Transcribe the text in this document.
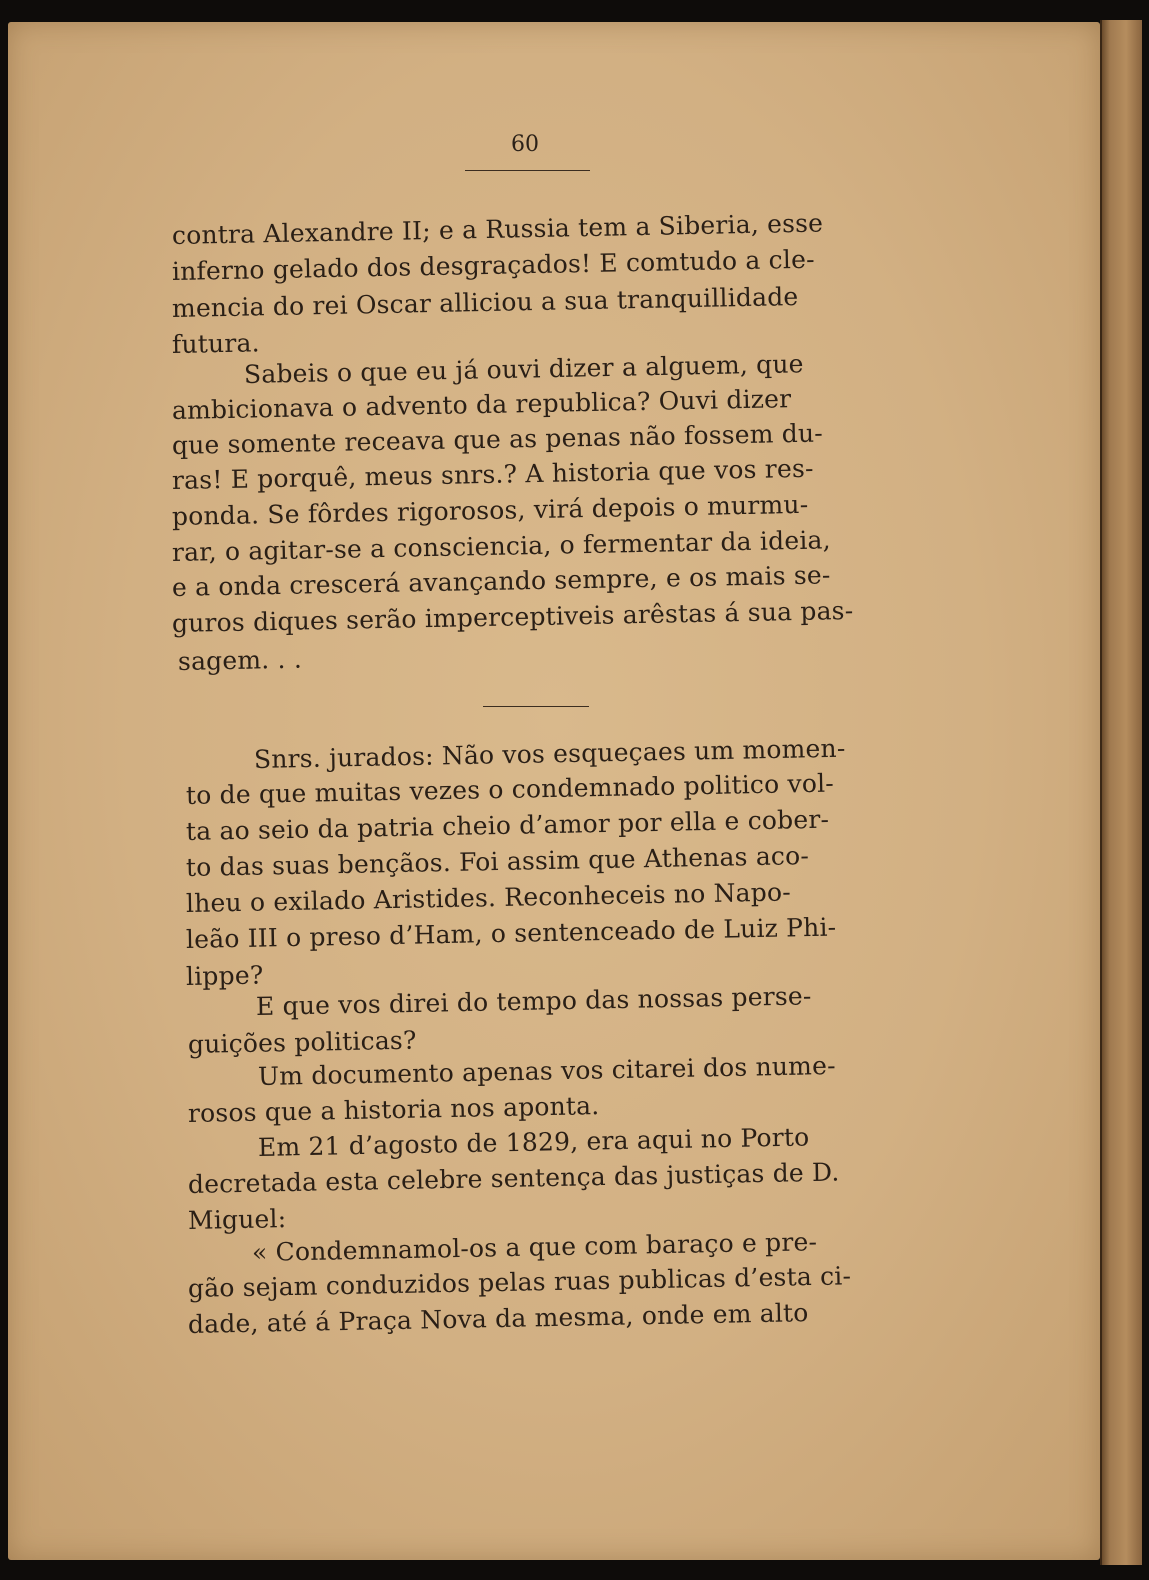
60
contra Alexandre II; e a Russia tem a Siberia, esse
inferno gelado dos desgraçados! E comtudo a cle-
mencia do rei Oscar alliciou a sua tranquillidade
futura.
Sabeis o que eu já ouvi dizer a alguem, que
ambicionava o advento da republica? Ouvi dizer
que somente receava que as penas não fossem du-
ras! E porquê, meus snrs.? A historia que vos res-
ponda. Se fôrdes rigorosos, virá depois o murmu-
rar, o agitar-se a consciencia, o fermentar da ideia,
e a onda crescerá avançando sempre, e os mais se-
guros diques serão imperceptiveis arêstas á sua pas-
sagem. . .
Snrs. jurados: Não vos esqueçaes um momen-
to de que muitas vezes o condemnado politico vol-
ta ao seio da patria cheio d’amor por ella e cober-
to das suas bençãos. Foi assim que Athenas aco-
lheu o exilado Aristides. Reconheceis no Napo-
leão III o preso d’Ham, o sentenceado de Luiz Phi-
lippe?
E que vos direi do tempo das nossas perse-
guições politicas?
Um documento apenas vos citarei dos nume-
rosos que a historia nos aponta.
Em 21 d’agosto de 1829, era aqui no Porto
decretada esta celebre sentença das justiças de D.
Miguel:
« Condemnamol-os a que com baraço e pre-
gão sejam conduzidos pelas ruas publicas d’esta ci-
dade, até á Praça Nova da mesma, onde em alto
